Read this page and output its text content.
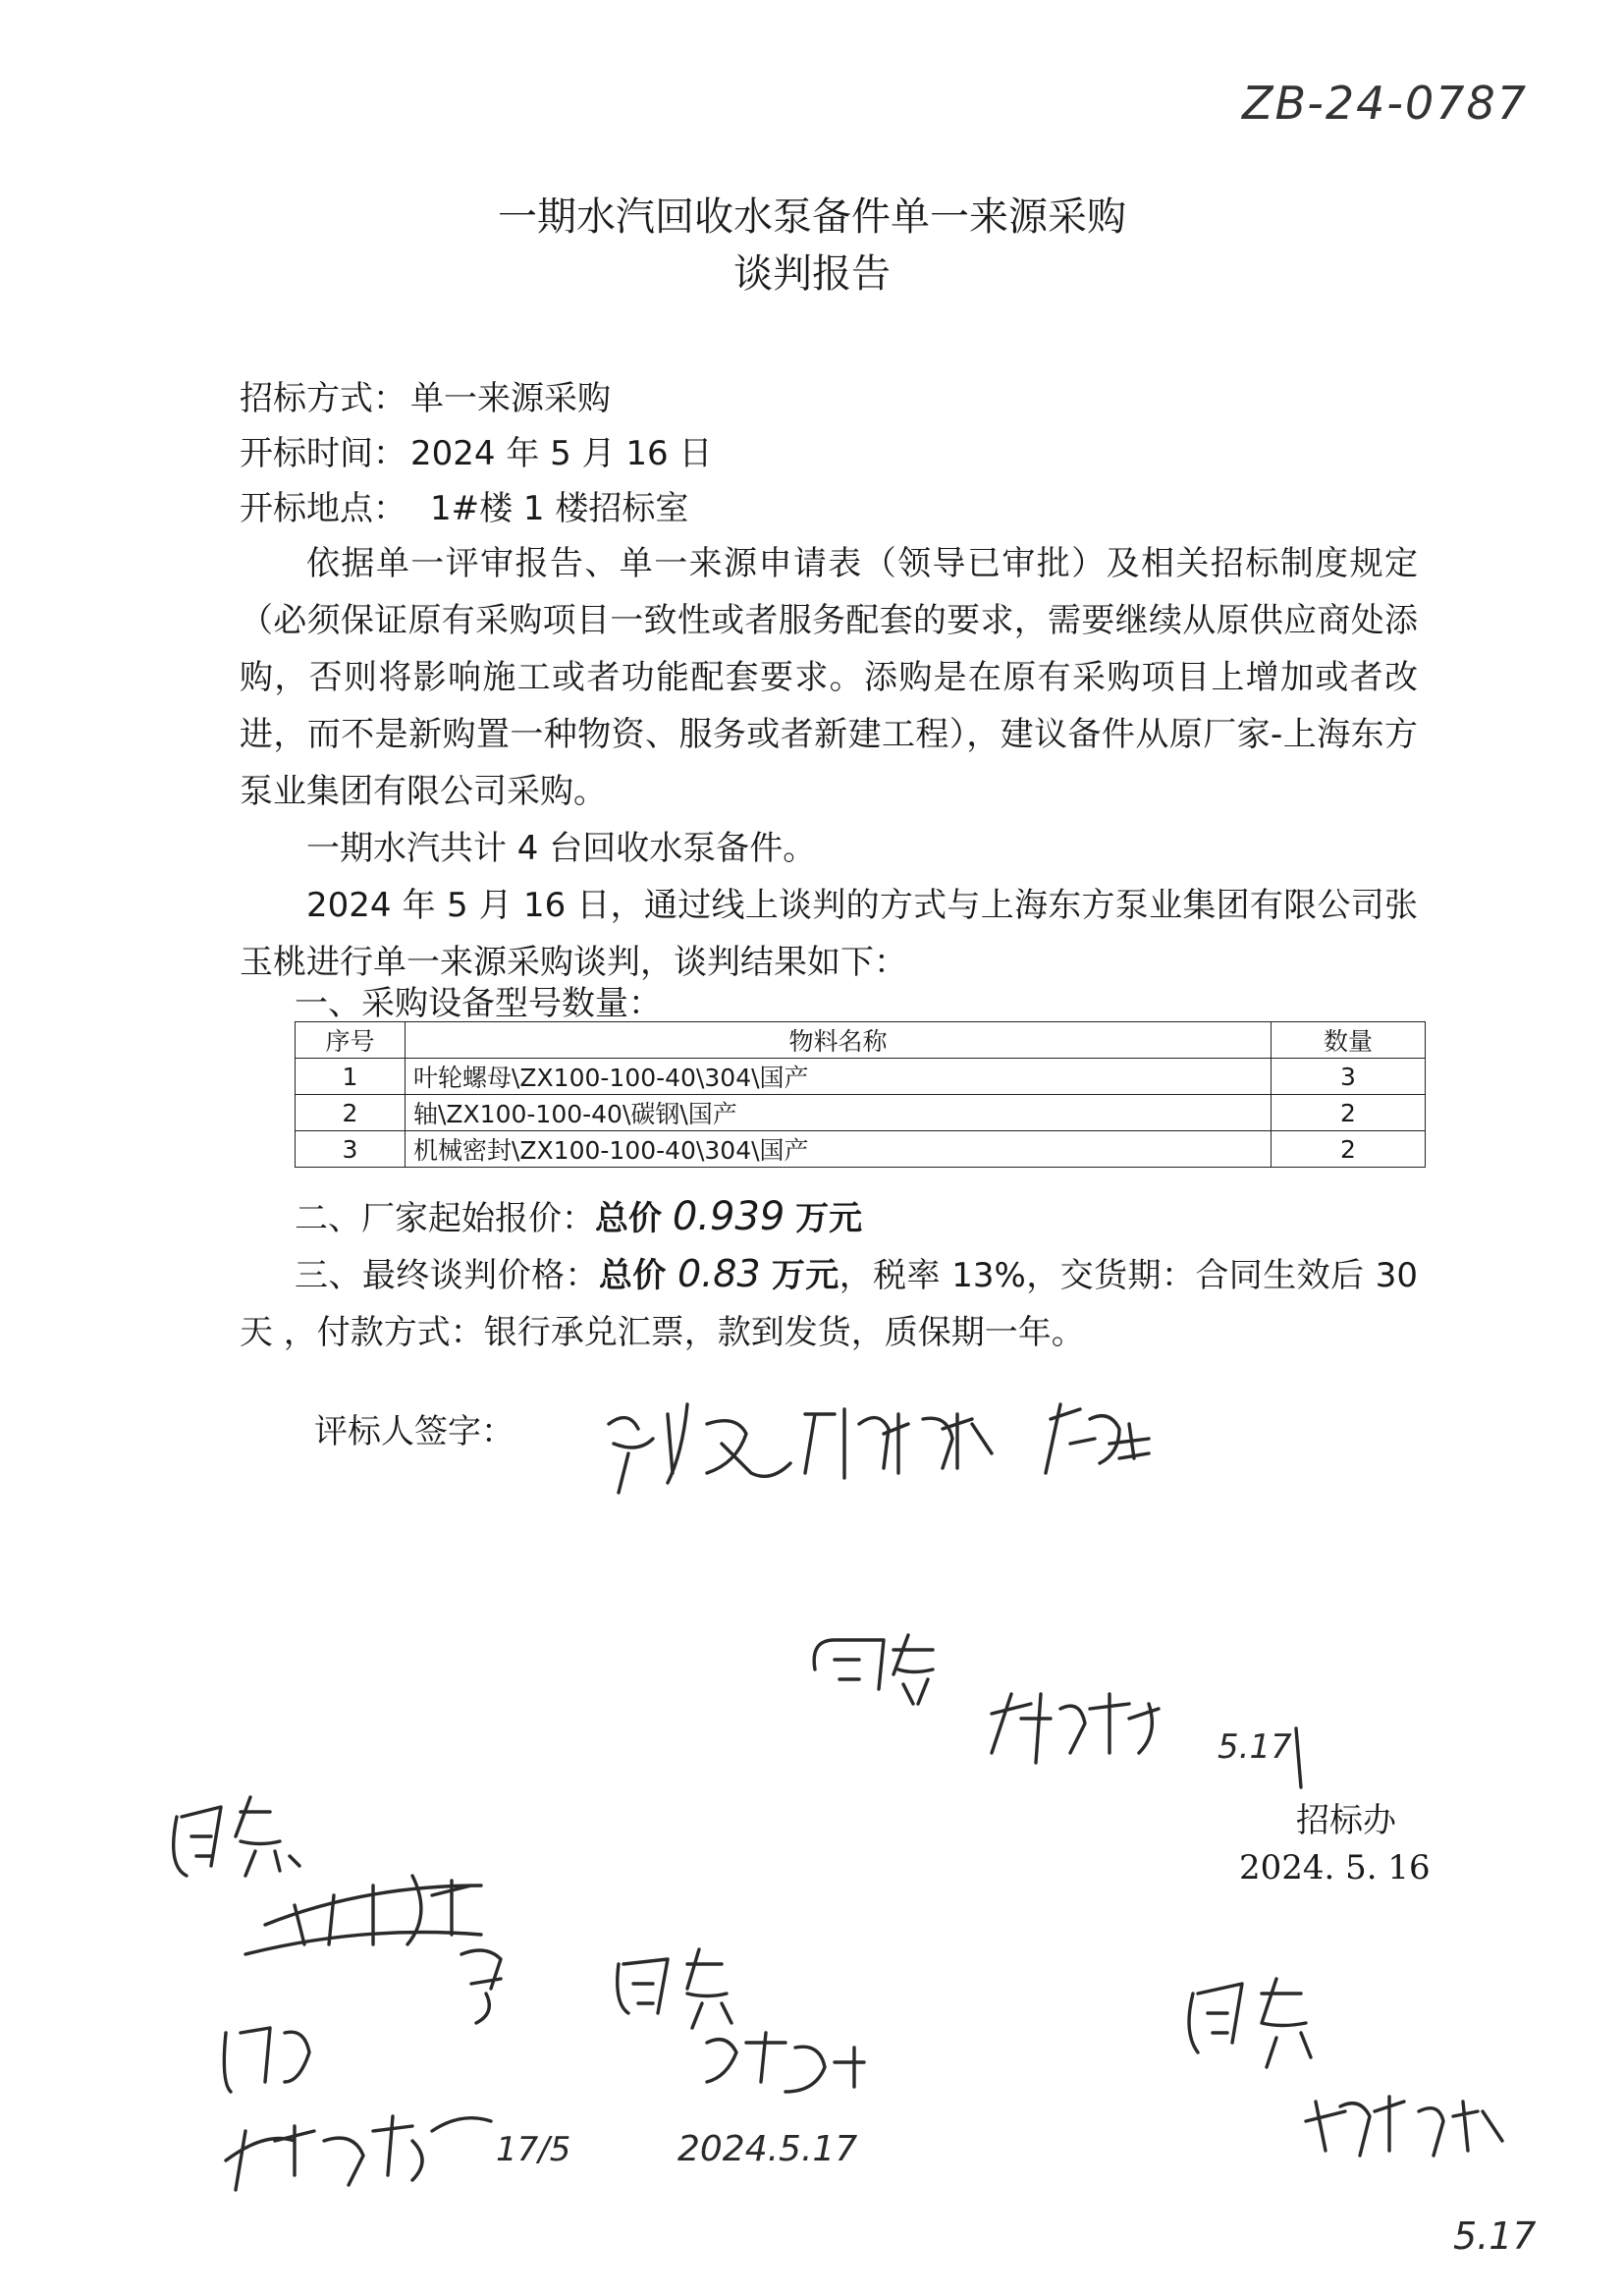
ZB-24-0787
一期水汽回收水泵备件单一来源采购
谈判报告
招标方式： 单一来源采购
开标时间： 2024 年 5 月 16 日
开标地点： 1#楼 1 楼招标室
依据单一评审报告、单一来源申请表（领导已审批）及相关招标制度规定（必须保证原有采购项目一致性或者服务配套的要求，需要继续从原供应商处添购，否则将影响施工或者功能配套要求。添购是在原有采购项目上增加或者改进，而不是新购置一种物资、服务或者新建工程），建议备件从原厂家-上海东方泵业集团有限公司采购。
一期水汽共计 4 台回收水泵备件。
2024 年 5 月 16 日，通过线上谈判的方式与上海东方泵业集团有限公司张玉桃进行单一来源采购谈判，谈判结果如下：
一、采购设备型号数量：
序号	物料名称	数量
1	叶轮螺母\ZX100-100-40\304\国产	3
2	轴\ZX100-100-40\碳钢\国产	2
3	机械密封\ZX100-100-40\304\国产	2
二、厂家起始报价：总价 0.939 万元
三、最终谈判价格：总价 0.83 万元，税率 13%，交货期：合同生效后 30 天 ，付款方式：银行承兑汇票，款到发货，质保期一年。
评标人签字：
招标办
2024. 5. 16
5.17
2024.5.17
17/5
5.17
